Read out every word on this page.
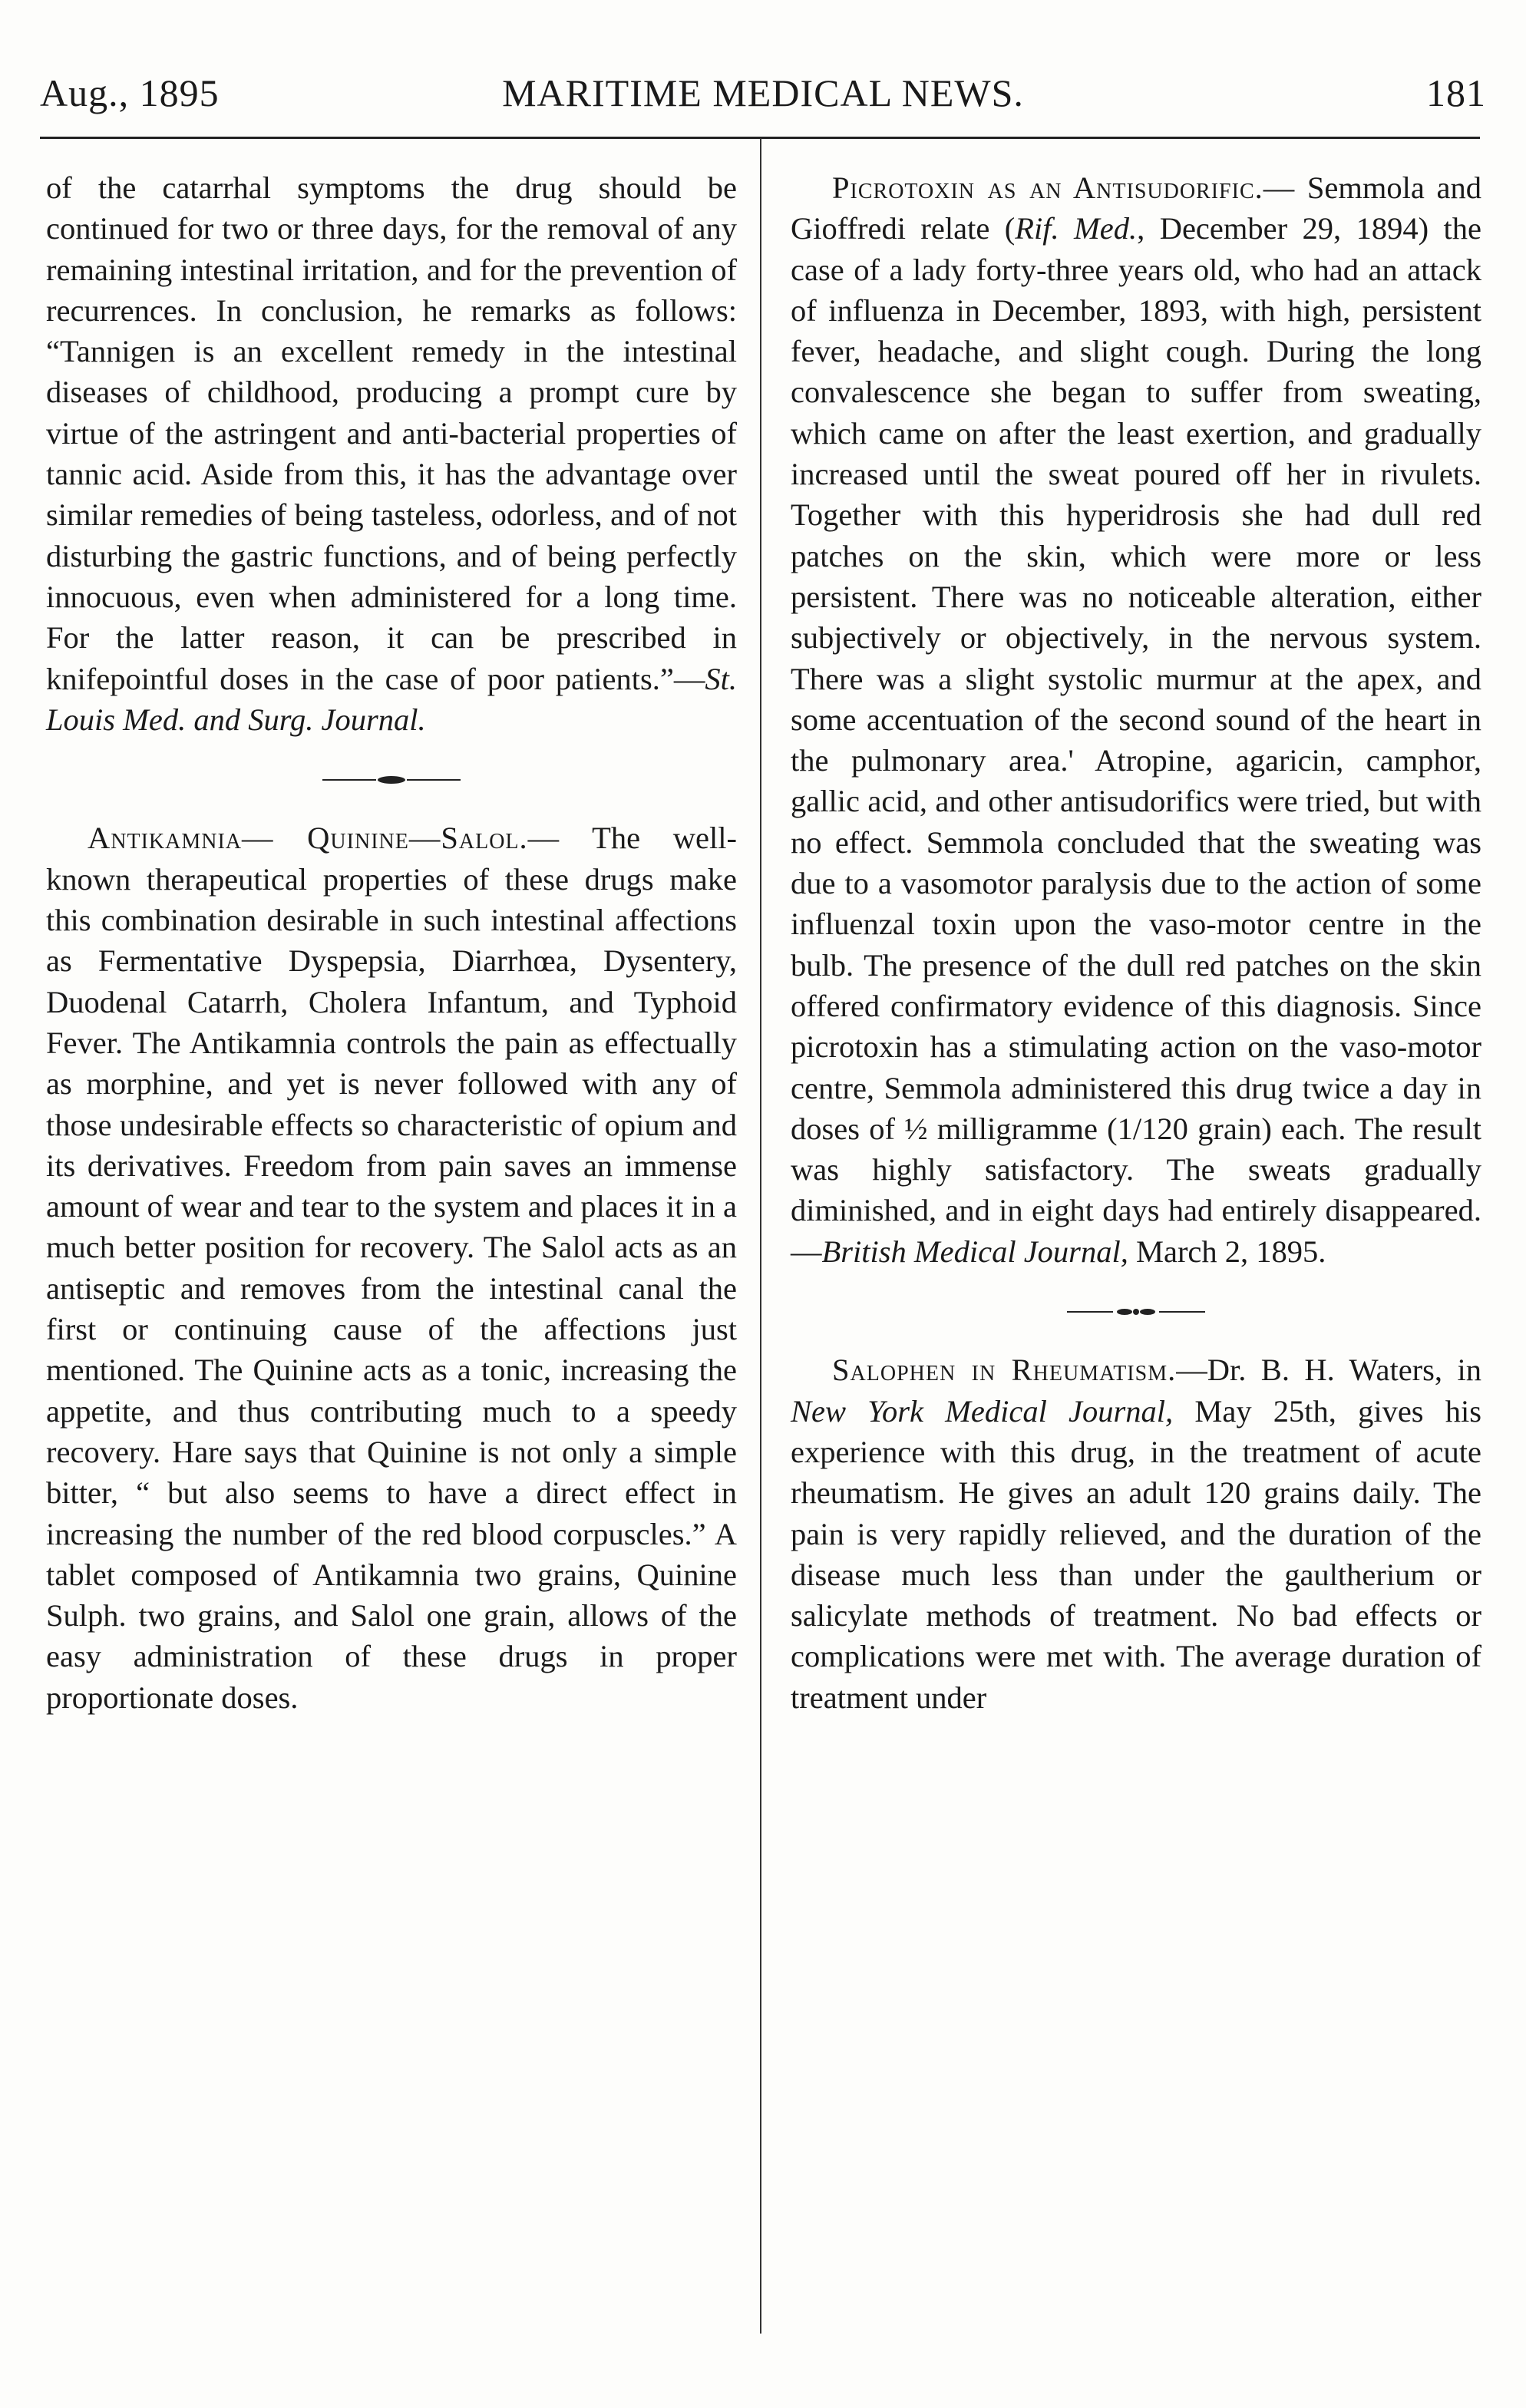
Aug., 1895	MARITIME MEDICAL NEWS.	181

of the catarrhal symptoms the drug should be continued for two or three days, for the removal of any remaining intestinal irritation, and for the prevention of recurrences. In conclusion, he remarks as follows: “Tannigen is an excellent remedy in the intestinal diseases of childhood, producing a prompt cure by virtue of the astringent and anti-bacterial properties of tannic acid. Aside from this, it has the advantage over similar remedies of being tasteless, odorless, and of not disturbing the gastric functions, and of being perfectly innocuous, even when administered for a long time. For the latter reason, it can be prescribed in knifepointful doses in the case of poor patients.”—St. Louis Med. and Surg. Journal.

Antikamnia— Quinine—Salol.— The well-known therapeutical properties of these drugs make this combination desirable in such intestinal affections as Fermentative Dyspepsia, Diarrhœa, Dysentery, Duodenal Catarrh, Cholera Infantum, and Typhoid Fever. The Antikamnia controls the pain as effectually as morphine, and yet is never followed with any of those undesirable effects so characteristic of opium and its derivatives. Freedom from pain saves an immense amount of wear and tear to the system and places it in a much better position for recovery. The Salol acts as an antiseptic and removes from the intestinal canal the first or continuing cause of the affections just mentioned. The Quinine acts as a tonic, increasing the appetite, and thus contributing much to a speedy recovery. Hare says that Quinine is not only a simple bitter, “ but also seems to have a direct effect in increasing the number of the red blood corpuscles.” A tablet composed of Antikamnia two grains, Quinine Sulph. two grains, and Salol one grain, allows of the easy administration of these drugs in proper proportionate doses.

Picrotoxin as an Antisudorific.— Semmola and Gioffredi relate (Rif. Med., December 29, 1894) the case of a lady forty-three years old, who had an attack of influenza in December, 1893, with high, persistent fever, headache, and slight cough. During the long convalescence she began to suffer from sweating, which came on after the least exertion, and gradually increased until the sweat poured off her in rivulets. Together with this hyperidrosis she had dull red patches on the skin, which were more or less persistent. There was no noticeable alteration, either subjectively or objectively, in the nervous system. There was a slight systolic murmur at the apex, and some accentuation of the second sound of the heart in the pulmonary area.' Atropine, agaricin, camphor, gallic acid, and other antisudorifics were tried, but with no effect. Semmola concluded that the sweating was due to a vasomotor paralysis due to the action of some influenzal toxin upon the vaso-motor centre in the bulb. The presence of the dull red patches on the skin offered confirmatory evidence of this diagnosis. Since picrotoxin has a stimulating action on the vaso-motor centre, Semmola administered this drug twice a day in doses of ½ milligramme (1/120 grain) each. The result was highly satisfactory. The sweats gradually diminished, and in eight days had entirely disappeared.—British Medical Journal, March 2, 1895.

Salophen in Rheumatism.—Dr. B. H. Waters, in New York Medical Journal, May 25th, gives his experience with this drug, in the treatment of acute rheumatism. He gives an adult 120 grains daily. The pain is very rapidly relieved, and the duration of the disease much less than under the gaultherium or salicylate methods of treatment. No bad effects or complications were met with. The average duration of treatment under
